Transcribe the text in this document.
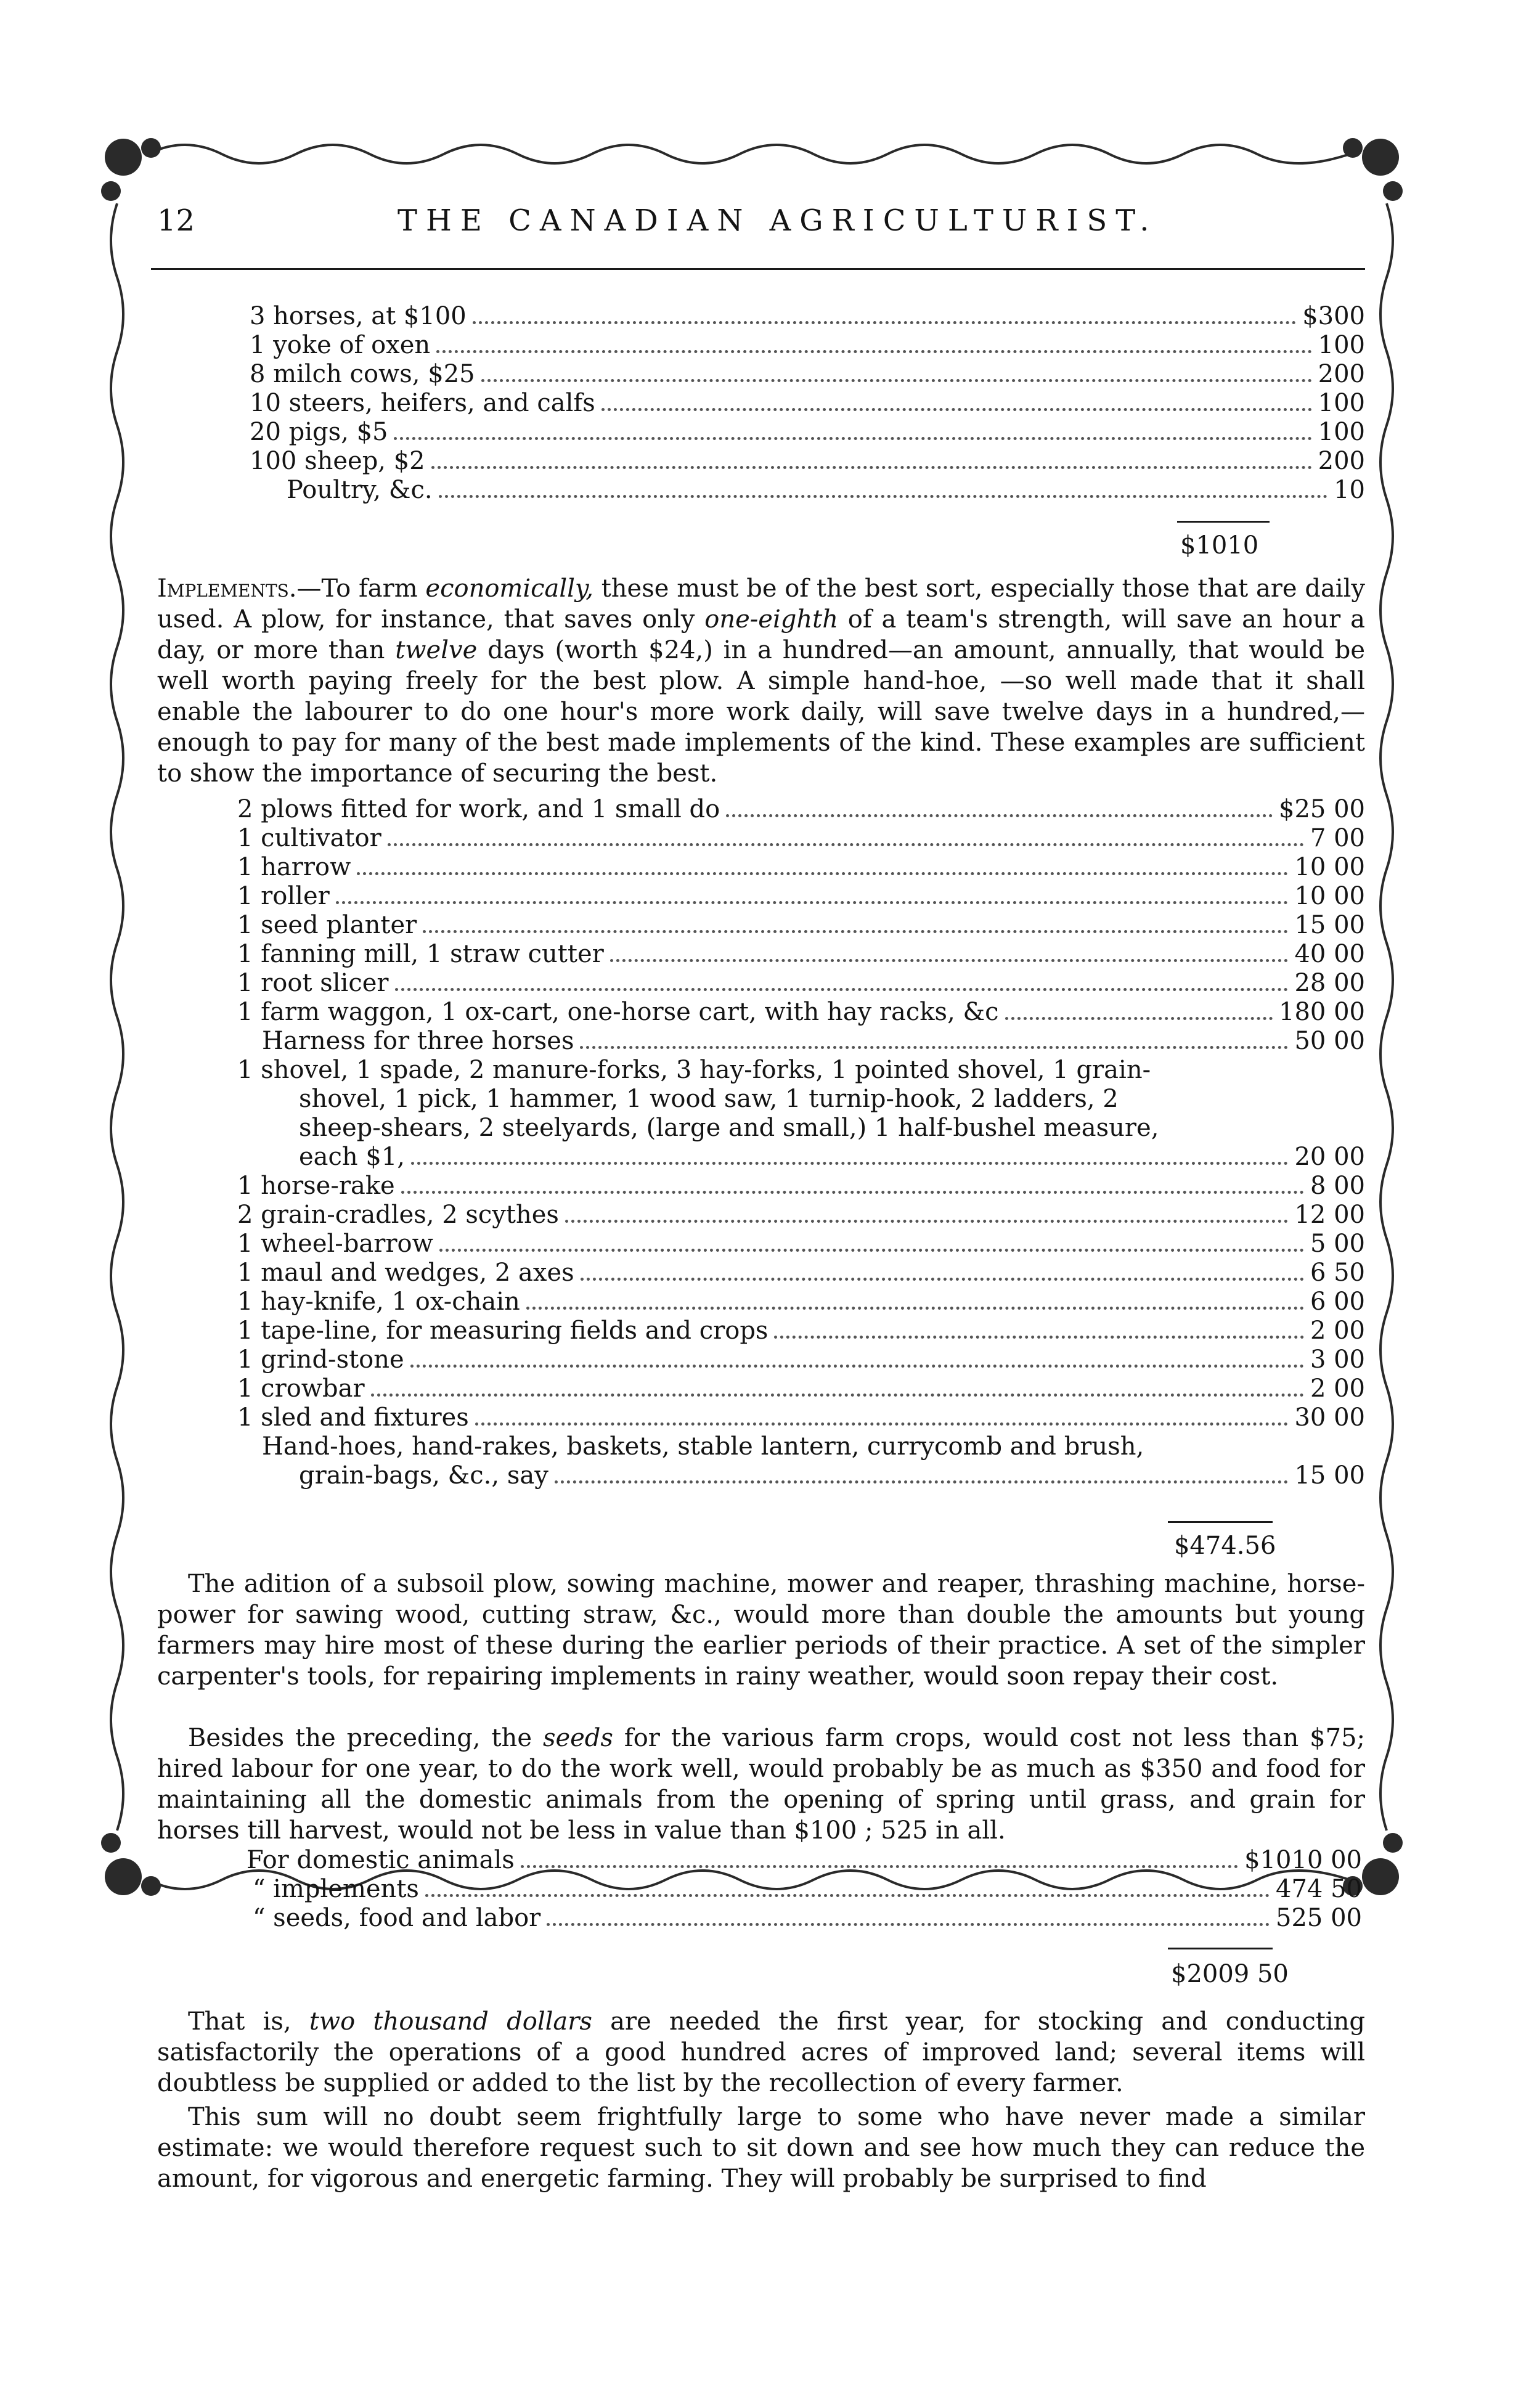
12	THE CANADIAN AGRICULTURIST.
3 horses, at $100	$300
1 yoke of oxen	100
8 milch cows, $25	200
10 steers, heifers, and calfs	100
20 pigs, $5	100
100 sheep, $2	200
Poultry, &c.	10
$1010
Implements.—To farm economically, these must be of the best sort, especially those that are daily used. A plow, for instance, that saves only one-eighth of a team's strength, will save an hour a day, or more than twelve days (worth $24,) in a hundred—an amount, annually, that would be well worth paying freely for the best plow. A simple hand-hoe, —so well made that it shall enable the labourer to do one hour's more work daily, will save twelve days in a hundred,—enough to pay for many of the best made implements of the kind. These examples are sufficient to show the importance of securing the best.
2 plows fitted for work, and 1 small do	$25 00
1 cultivator	7 00
1 harrow	10 00
1 roller	10 00
1 seed planter	15 00
1 fanning mill, 1 straw cutter	40 00
1 root slicer	28 00
1 farm waggon, 1 ox-cart, one-horse cart, with hay racks, &c	180 00
Harness for three horses	50 00
1 shovel, 1 spade, 2 manure-forks, 3 hay-forks, 1 pointed shovel, 1 grain-
shovel, 1 pick, 1 hammer, 1 wood saw, 1 turnip-hook, 2 ladders, 2
sheep-shears, 2 steelyards, (large and small,) 1 half-bushel measure,
each $1,	20 00
1 horse-rake	8 00
2 grain-cradles, 2 scythes	12 00
1 wheel-barrow	5 00
1 maul and wedges, 2 axes	6 50
1 hay-knife, 1 ox-chain	6 00
1 tape-line, for measuring fields and crops	2 00
1 grind-stone	3 00
1 crowbar	2 00
1 sled and fixtures	30 00
Hand-hoes, hand-rakes, baskets, stable lantern, currycomb and brush,
grain-bags, &c., say	15 00
$474.56
The adition of a subsoil plow, sowing machine, mower and reaper, thrashing machine, horse-power for sawing wood, cutting straw, &c., would more than double the amounts but young farmers may hire most of these during the earlier periods of their practice. A set of the simpler carpenter's tools, for repairing implements in rainy weather, would soon repay their cost.
Besides the preceding, the seeds for the various farm crops, would cost not less than $75; hired labour for one year, to do the work well, would probably be as much as $350 and food for maintaining all the domestic animals from the opening of spring until grass, and grain for horses till harvest, would not be less in value than $100 ; 525 in all.
For domestic animals	$1010 00
“ implements	474 50
“ seeds, food and labor	525 00
$2009 50
That is, two thousand dollars are needed the first year, for stocking and conducting satisfactorily the operations of a good hundred acres of improved land; several items will doubtless be supplied or added to the list by the recollection of every farmer.
This sum will no doubt seem frightfully large to some who have never made a similar estimate: we would therefore request such to sit down and see how much they can reduce the amount, for vigorous and energetic farming. They will probably be surprised to find
